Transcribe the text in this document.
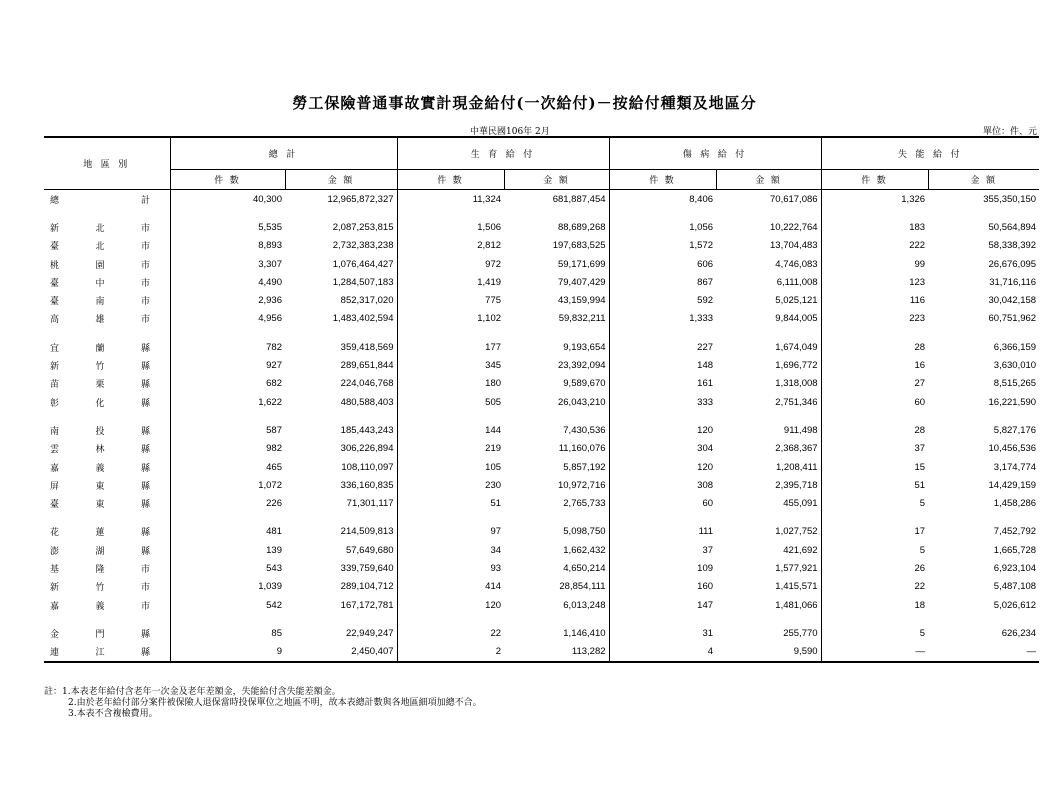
勞工保險普通事故實計現金給付(一次給付)－按給付種類及地區分
中華民國106年 2月	單位：件、元
地 區 別	總 計		生 育 給 付		傷 病 給 付		失 能 給 付	
	件 數	金 額	件 數	金 額	件 數	金 額	件 數	金 額

總 計	40,300	12,965,872,327	11,324	681,887,454	8,406	70,617,086	1,326	355,350,150

新 北 市	5,535	2,087,253,815	1,506	88,689,268	1,056	10,222,764	183	50,564,894

臺 北 市	8,893	2,732,383,238	2,812	197,683,525	1,572	13,704,483	222	58,338,392

桃 園 市	3,307	1,076,464,427	972	59,171,699	606	4,746,083	99	26,676,095

臺 中 市	4,490	1,284,507,183	1,419	79,407,429	867	6,111,008	123	31,716,116

臺 南 市	2,936	852,317,020	775	43,159,994	592	5,025,121	116	30,042,158

高 雄 市	4,956	1,483,402,594	1,102	59,832,211	1,333	9,844,005	223	60,751,962

宜 蘭 縣	782	359,418,569	177	9,193,654	227	1,674,049	28	6,366,159

新 竹 縣	927	289,651,844	345	23,392,094	148	1,696,772	16	3,630,010

苗 栗 縣	682	224,046,768	180	9,589,670	161	1,318,008	27	8,515,265

彰 化 縣	1,622	480,588,403	505	26,043,210	333	2,751,346	60	16,221,590

南 投 縣	587	185,443,243	144	7,430,536	120	911,498	28	5,827,176

雲 林 縣	982	306,226,894	219	11,160,076	304	2,368,367	37	10,456,536

嘉 義 縣	465	108,110,097	105	5,857,192	120	1,208,411	15	3,174,774

屏 東 縣	1,072	336,160,835	230	10,972,716	308	2,395,718	51	14,429,159

臺 東 縣	226	71,301,117	51	2,765,733	60	455,091	5	1,458,286

花 蓮 縣	481	214,509,813	97	5,098,750	111	1,027,752	17	7,452,792

澎 湖 縣	139	57,649,680	34	1,662,432	37	421,692	5	1,665,728

基 隆 市	543	339,759,640	93	4,650,214	109	1,577,921	26	6,923,104

新 竹 市	1,039	289,104,712	414	28,854,111	160	1,415,571	22	5,487,108

嘉 義 市	542	167,172,781	120	6,013,248	147	1,481,066	18	5,026,612

金 門 縣	85	22,949,247	22	1,146,410	31	255,770	5	626,234

連 江 縣	9	2,450,407	2	113,282	4	9,590	—	—
註：1.本表老年給付含老年一次金及老年差額金，失能給付含失能差額金。
2.由於老年給付部分案件被保險人退保當時投保單位之地區不明，故本表總計數與各地區細項加總不合。
3.本表不含複檢費用。
